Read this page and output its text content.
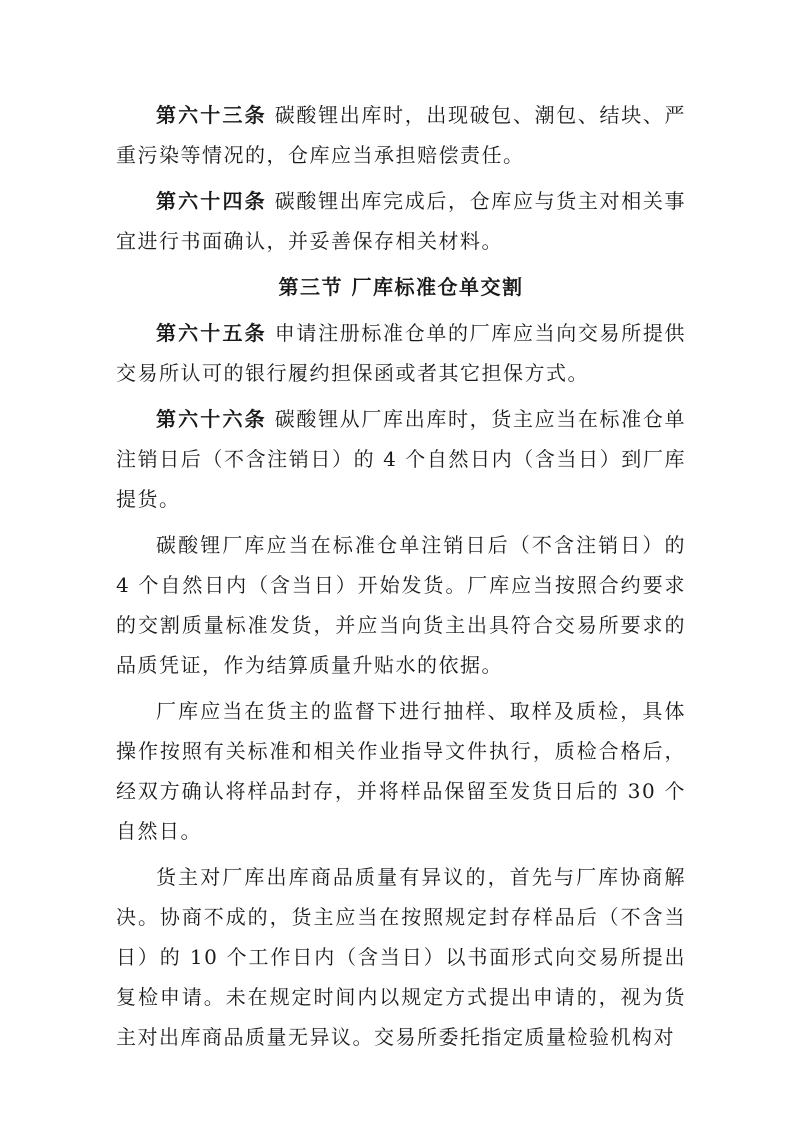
第六十三条 碳酸锂出库时，出现破包、潮包、结块、严重污染等情况的，仓库应当承担赔偿责任。

第六十四条 碳酸锂出库完成后，仓库应与货主对相关事宜进行书面确认，并妥善保存相关材料。

第三节 厂库标准仓单交割

第六十五条 申请注册标准仓单的厂库应当向交易所提供交易所认可的银行履约担保函或者其它担保方式。

第六十六条 碳酸锂从厂库出库时，货主应当在标准仓单注销日后（不含注销日）的 4 个自然日内（含当日）到厂库提货。

碳酸锂厂库应当在标准仓单注销日后（不含注销日）的 4 个自然日内（含当日）开始发货。厂库应当按照合约要求的交割质量标准发货，并应当向货主出具符合交易所要求的品质凭证，作为结算质量升贴水的依据。

厂库应当在货主的监督下进行抽样、取样及质检，具体操作按照有关标准和相关作业指导文件执行，质检合格后，经双方确认将样品封存，并将样品保留至发货日后的 30 个自然日。

货主对厂库出库商品质量有异议的，首先与厂库协商解决。协商不成的，货主应当在按照规定封存样品后（不含当日）的 10 个工作日内（含当日）以书面形式向交易所提出复检申请。未在规定时间内以规定方式提出申请的，视为货主对出库商品质量无异议。交易所委托指定质量检验机构对
